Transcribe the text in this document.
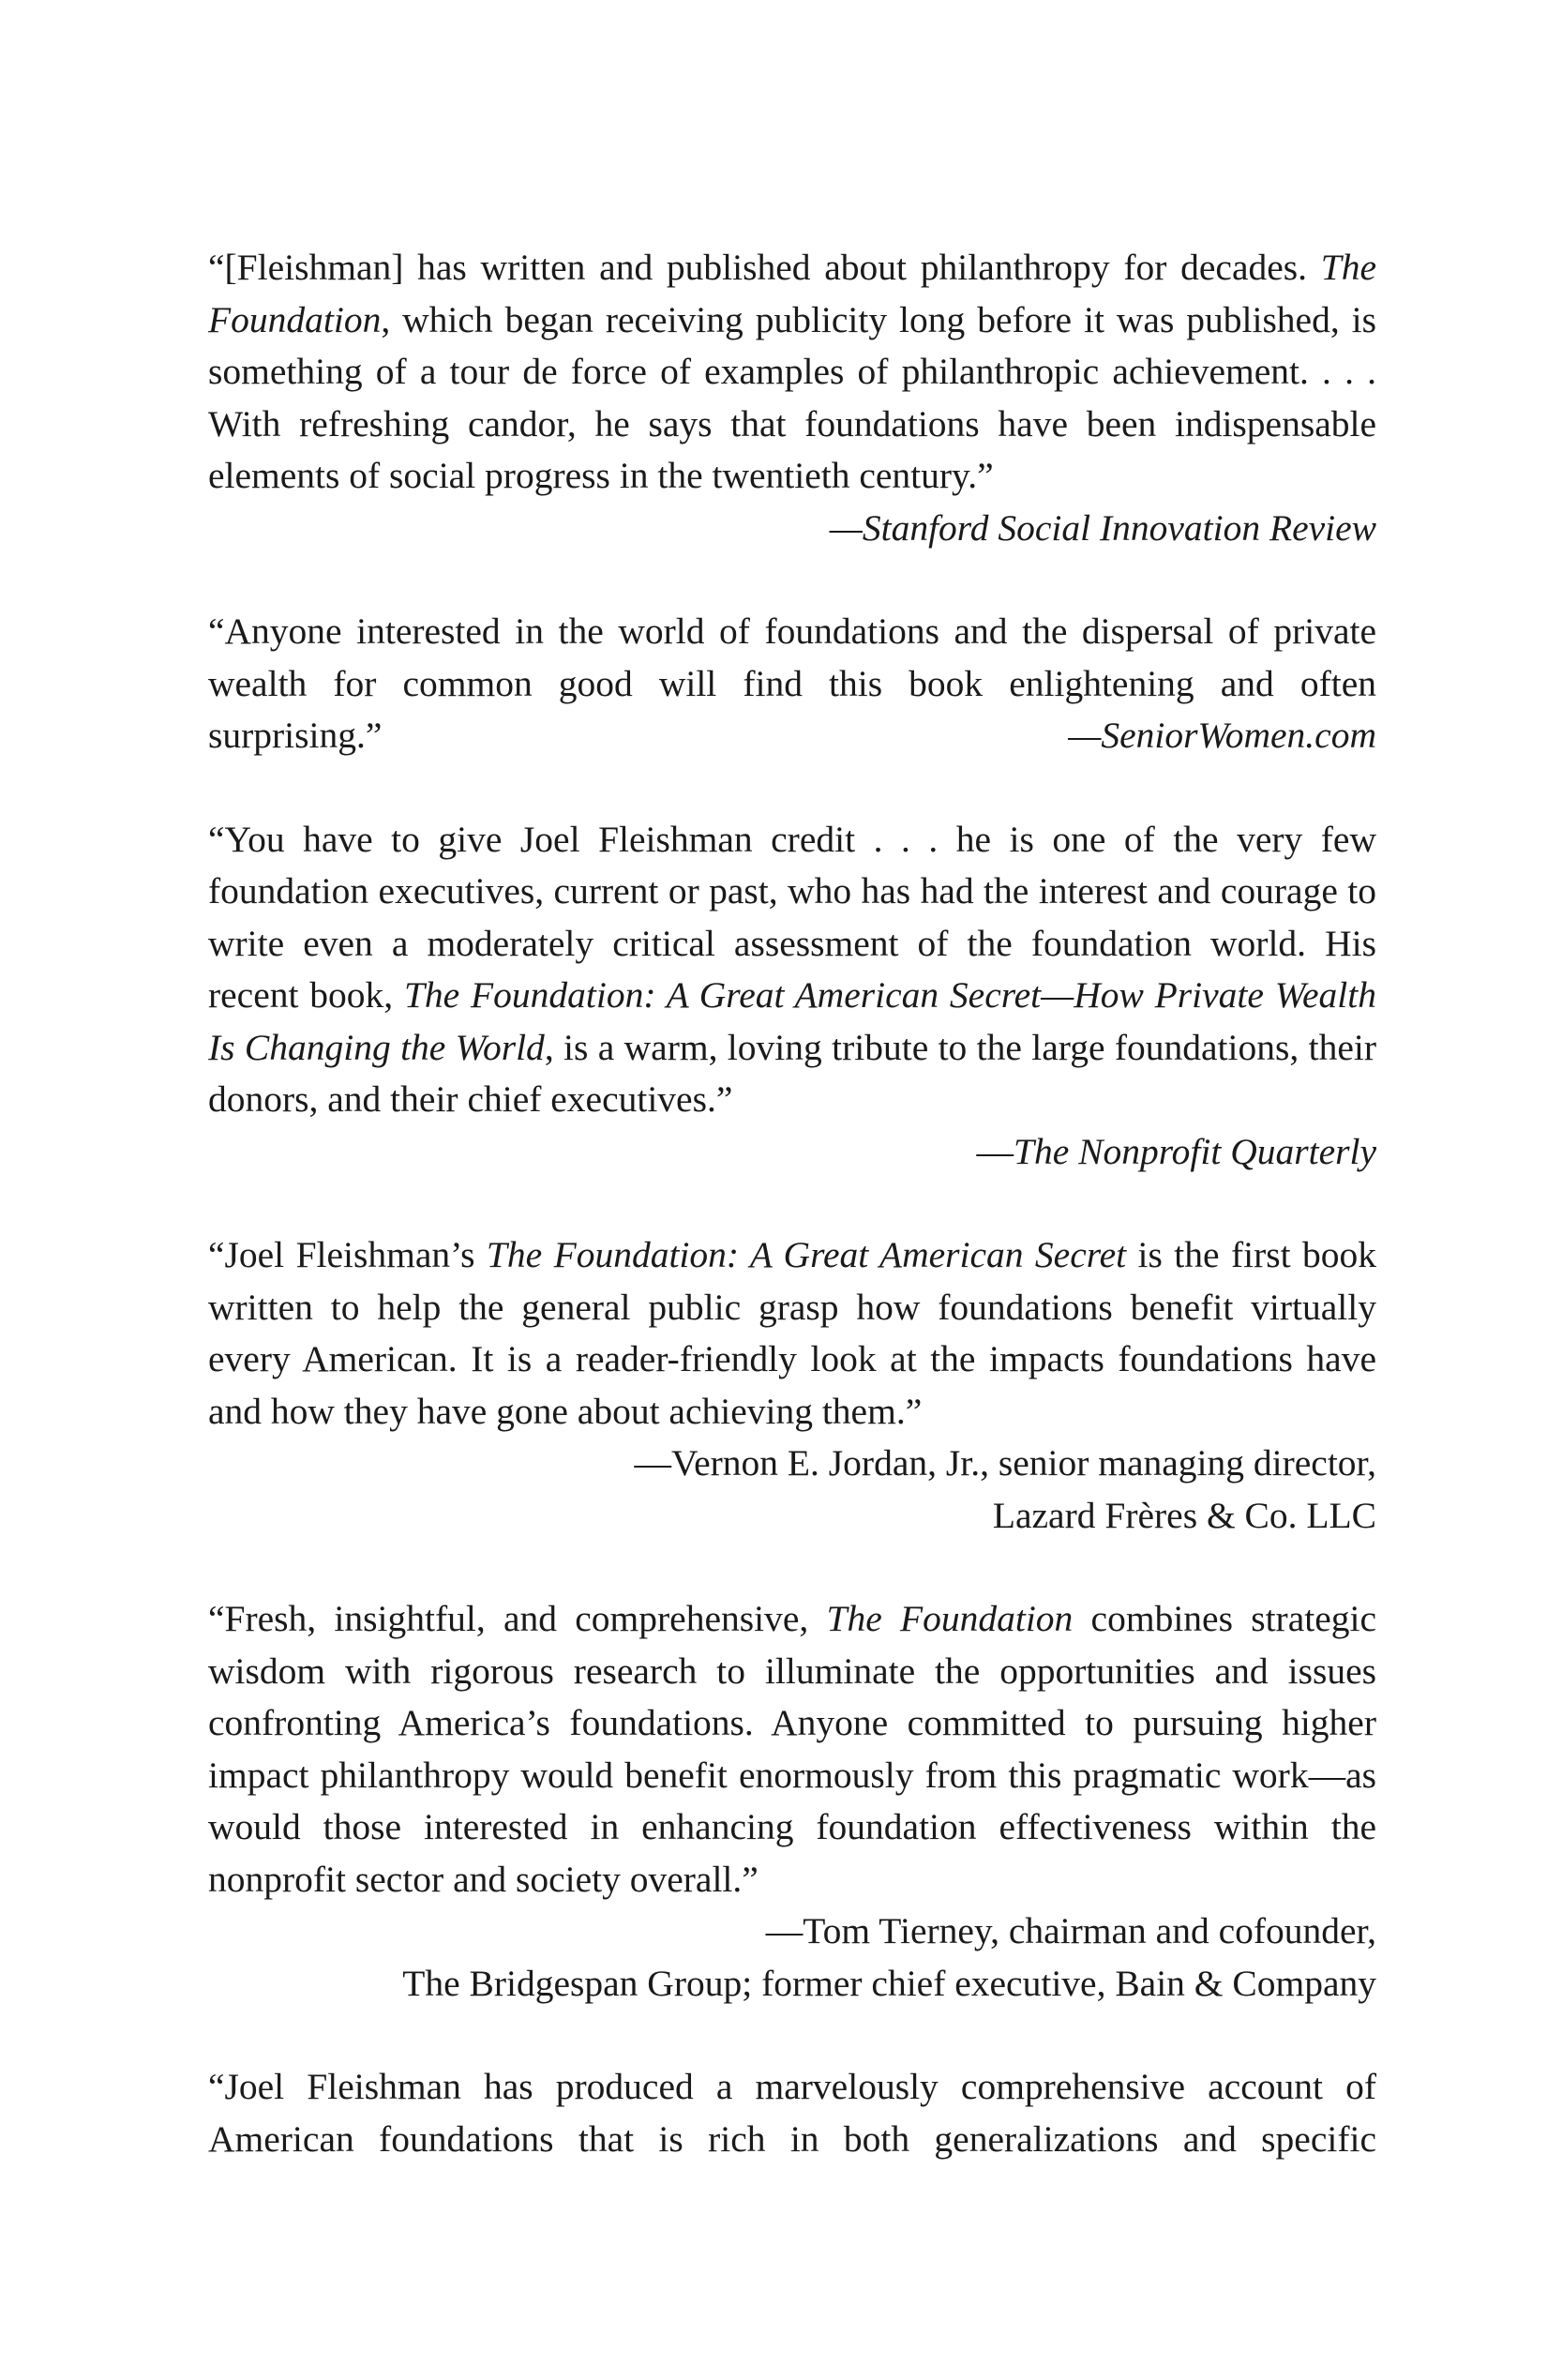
“[Fleishman] has written and published about philanthropy for decades. The Foundation, which began receiving publicity long before it was published, is something of a tour de force of examples of philanthropic achievement. . . . With refreshing candor, he says that foundations have been indispensable elements of social progress in the twentieth century.”

—Stanford Social Innovation Review

“Anyone interested in the world of foundations and the dispersal of private wealth for common good will find this book enlightening and often surprising.”	—SeniorWomen.com

“You have to give Joel Fleishman credit . . . he is one of the very few foundation executives, current or past, who has had the interest and courage to write even a moderately critical assessment of the foundation world. His recent book, The Foundation: A Great American Secret—How Private Wealth Is Changing the World, is a warm, loving tribute to the large foundations, their donors, and their chief executives.”

—The Nonprofit Quarterly

“Joel Fleishman’s The Foundation: A Great American Secret is the first book written to help the general public grasp how foundations benefit virtually every American. It is a reader-friendly look at the impacts foundations have and how they have gone about achieving them.”

—Vernon E. Jordan, Jr., senior managing director,

Lazard Frères & Co. LLC

“Fresh, insightful, and comprehensive, The Foundation combines strategic wisdom with rigorous research to illuminate the opportunities and issues confronting America’s foundations. Anyone committed to pursuing higher impact philanthropy would benefit enormously from this pragmatic work—as would those interested in enhancing foundation effectiveness within the nonprofit sector and society overall.”

—Tom Tierney, chairman and cofounder,

The Bridgespan Group; former chief executive, Bain & Company

“Joel Fleishman has produced a marvelously comprehensive account of American foundations that is rich in both generalizations and specific
